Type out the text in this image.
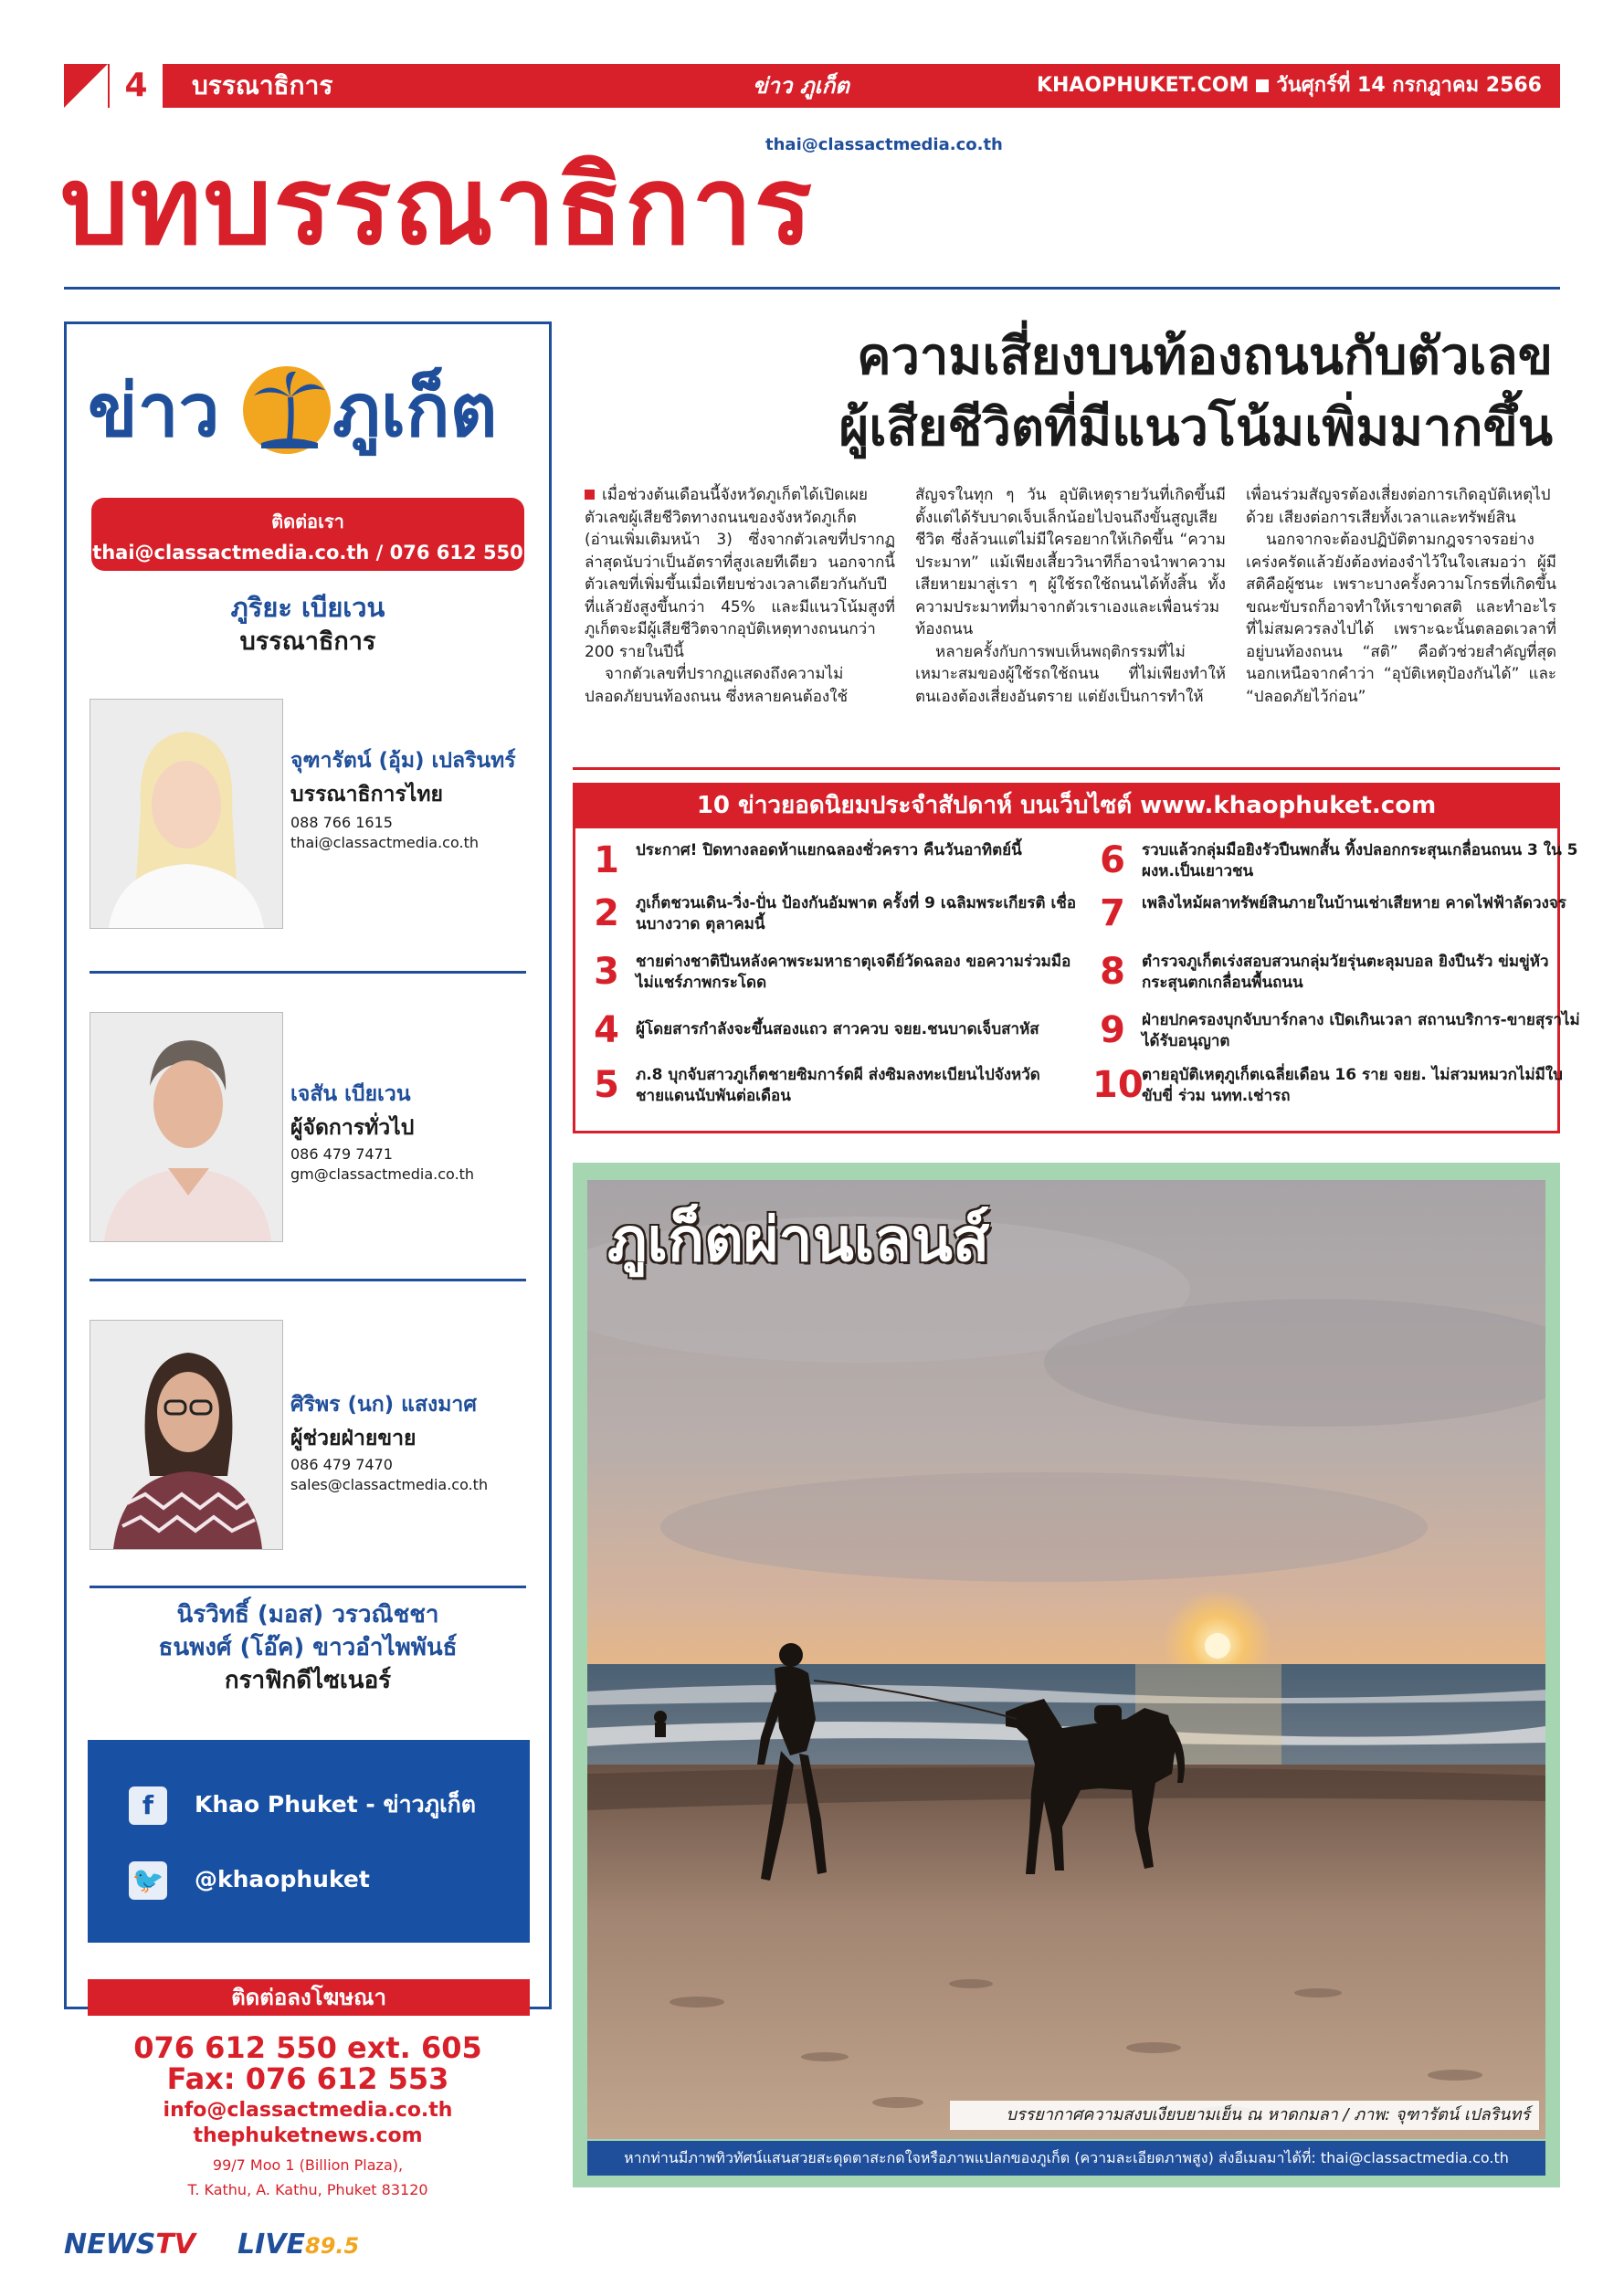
4	บรรณาธิการ	ข่าว ภูเก็ต	KHAOPHUKET.COM วันศุกร์ที่ 14 กรกฎาคม 2566
thai@classactmedia.co.th
บทบรรณาธิการ
ข่าว ภูเก็ต
ติดต่อเรา
thai@classactmedia.co.th / 076 612 550
ภูริยะ เบียเวน
บรรณาธิการ
จุฑารัตน์ (อุ้ม) เปลรินทร์
บรรณาธิการไทย
088 766 1615
thai@classactmedia.co.th
เจสัน เบียเวน
ผู้จัดการทั่วไป
086 479 7471
gm@classactmedia.co.th
ศิริพร (นก) แสงมาศ
ผู้ช่วยฝ่ายขาย
086 479 7470
sales@classactmedia.co.th
นิรวิทธิ์ (มอส) วรวณิชชา
ธนพงศ์ (โอ๊ค) ขาวอำไพพันธ์
กราฟิกดีไซเนอร์
f Khao Phuket - ข่าวภูเก็ต
🐦 @khaophuket
ติดต่อลงโฆษณา
076 612 550 ext. 605
Fax: 076 612 553
info@classactmedia.co.th
thephuketnews.com
99/7 Moo 1 (Billion Plaza),
T. Kathu, A. Kathu, Phuket 83120
ความเสี่ยงบนท้องถนนกับตัวเลข
ผู้เสียชีวิตที่มีแนวโน้มเพิ่มมากขึ้น

เมื่อช่วงต้นเดือนนี้จังหวัดภูเก็ตได้เปิดเผยตัวเลขผู้เสียชีวิตทางถนนของจังหวัดภูเก็ต (อ่านเพิ่มเติมหน้า 3) ซึ่งจากตัวเลขที่ปรากฏล่าสุดนับว่าเป็นอัตราที่สูงเลยทีเดียว นอกจากนี้ตัวเลขที่เพิ่มขึ้นเมื่อเทียบช่วงเวลาเดียวกันกับปีที่แล้วยังสูงขึ้นกว่า 45% และมีแนวโน้มสูงที่ภูเก็ตจะมีผู้เสียชีวิตจากอุบัติเหตุทางถนนกว่า 200 รายในปีนี้

จากตัวเลขที่ปรากฏแสดงถึงความไม่ปลอดภัยบนท้องถนน ซึ่งหลายคนต้องใช้

สัญจรในทุก ๆ วัน อุบัติเหตุรายวันที่เกิดขึ้นมีตั้งแต่ได้รับบาดเจ็บเล็กน้อยไปจนถึงขั้นสูญเสียชีวิต ซึ่งล้วนแต่ไม่มีใครอยากให้เกิดขึ้น “ความประมาท” แม้เพียงเสี้ยววินาทีก็อาจนำพาความเสียหายมาสู่เรา ๆ ผู้ใช้รถใช้ถนนได้ทั้งสิ้น ทั้งความประมาทที่มาจากตัวเราเองและเพื่อนร่วมท้องถนน

หลายครั้งกับการพบเห็นพฤติกรรมที่ไม่เหมาะสมของผู้ใช้รถใช้ถนน ที่ไม่เพียงทำให้ตนเองต้องเสี่ยงอันตราย แต่ยังเป็นการทำให้

เพื่อนร่วมสัญจรต้องเสี่ยงต่อการเกิดอุบัติเหตุไปด้วย เสียงต่อการเสียทั้งเวลาและทรัพย์สิน

นอกจากจะต้องปฏิบัติตามกฎจราจรอย่างเคร่งครัดแล้วยังต้องท่องจำไว้ในใจเสมอว่า ผู้มีสติคือผู้ชนะ เพราะบางครั้งความโกรธที่เกิดขึ้นขณะขับรถก็อาจทำให้เราขาดสติ และทำอะไรที่ไม่สมควรลงไปได้ เพราะฉะนั้นตลอดเวลาที่อยู่บนท้องถนน “สติ” คือตัวช่วยสำคัญที่สุด นอกเหนือจากคำว่า “อุบัติเหตุป้องกันได้” และ “ปลอดภัยไว้ก่อน”

10 ข่าวยอดนิยมประจำสัปดาห์ บนเว็บไซต์ www.khaophuket.com
1	ประกาศ! ปิดทางลอดห้าแยกฉลองชั่วคราว คืนวันอาทิตย์นี้
2	ภูเก็ตชวนเดิน-วิ่ง-ปั่น ป้องกันอัมพาต ครั้งที่ 9 เฉลิมพระเกียรติ เชื่อนบางวาด ตุลาคมนี้
3	ชายต่างชาติปีนหลังคาพระมหาธาตุเจดีย์วัดฉลอง ขอความร่วมมือไม่แชร์ภาพกระโดด
4	ผู้โดยสารกำลังจะขึ้นสองแถว สาวควบ จยย.ชนบาดเจ็บสาหัส
5	ภ.8 บุกจับสาวภูเก็ตชายซิมการ์ดผี ส่งซิมลงทะเบียนไปจังหวัดชายแดนนับพันต่อเดือน
6	รวบแล้วกลุ่มมือยิงรัวปืนพกสั้น ทิ้งปลอกกระสุนเกลื่อนถนน 3 ใน 5 ผงห.เป็นเยาวชน
7	เพลิงไหม้ผลาทรัพย์สินภายในบ้านเช่าเสียหาย คาดไฟฟ้าลัดวงจร
8	ตำรวจภูเก็ตเร่งสอบสวนกลุ่มวัยรุ่นตะลุมบอล ยิงปืนรัว ข่มขู่หัวกระสุนตกเกลื่อนพื้นถนน
9	ฝ่ายปกครองบุกจับบาร์กลาง เปิดเกินเวลา สถานบริการ-ขายสุราไม่ได้รับอนุญาต
10
ตายอุบัติเหตุภูเก็ตเฉลี่ยเดือน 16 ราย จยย. ไม่สวมหมวกไม่มีใบขับขี่ ร่วม นทท.เช่ารถ
ภูเก็ตผ่านเลนส์
บรรยากาศความสงบเงียบยามเย็น ณ หาดกมลา / ภาพ: จุฑารัตน์ เปลรินทร์
หากท่านมีภาพทิวทัศน์แสนสวยสะดุดตาสะกดใจหรือภาพแปลกของภูเก็ต (ความละเอียดภาพสูง) ส่งอีเมลมาได้ที่: thai@classactmedia.co.th
NEWSTV LIVE89.5
